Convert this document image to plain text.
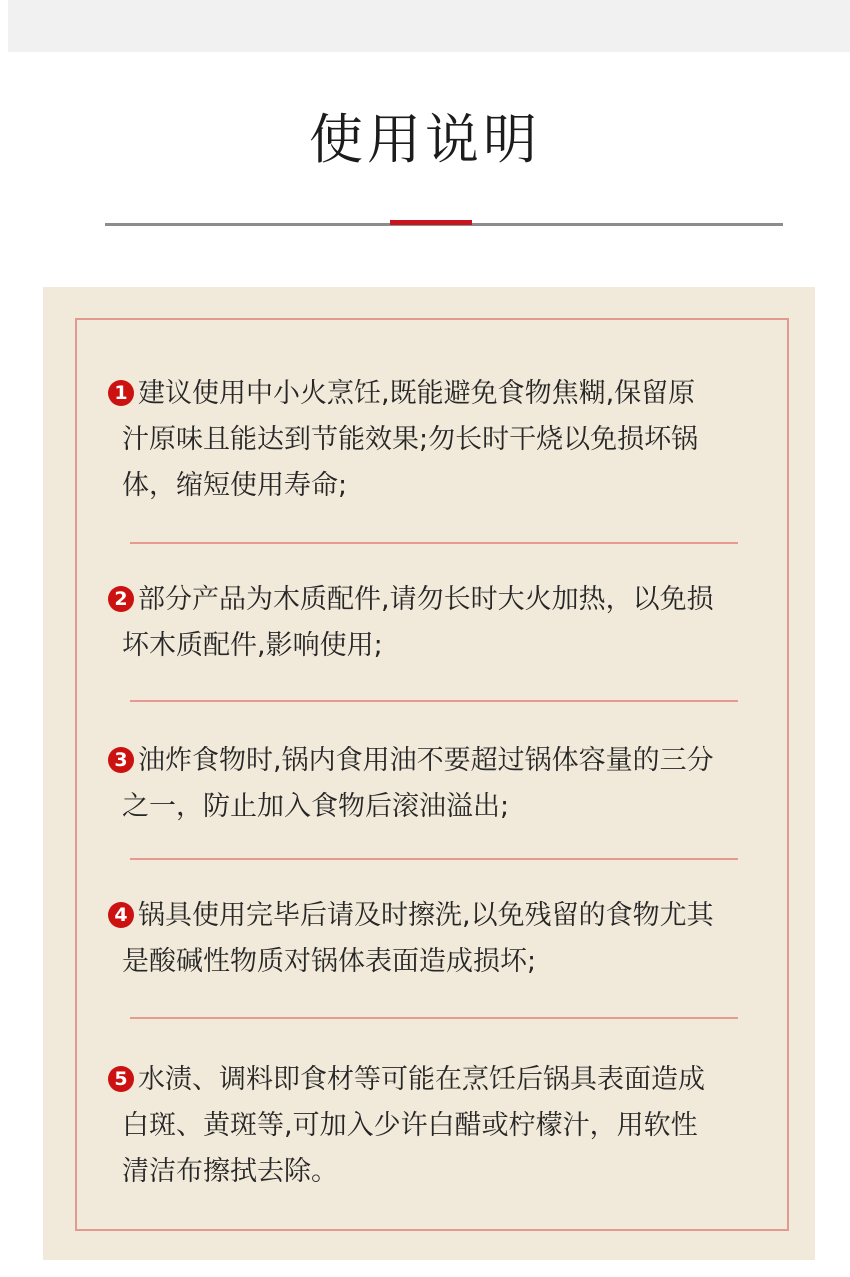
使用说明
1 建议使用中小火烹饪,既能避免食物焦糊,保留原
汁原味且能达到节能效果;勿长时干烧以免损坏锅
体，缩短使用寿命;
2 部分产品为木质配件,请勿长时大火加热，以免损
坏木质配件,影响使用;
3 油炸食物时,锅内食用油不要超过锅体容量的三分
之一，防止加入食物后滚油溢出;
4 锅具使用完毕后请及时擦洗,以免残留的食物尤其
是酸碱性物质对锅体表面造成损坏;
5 水渍、调料即食材等可能在烹饪后锅具表面造成
白斑、黄斑等,可加入少许白醋或柠檬汁，用软性
清洁布擦拭去除。
